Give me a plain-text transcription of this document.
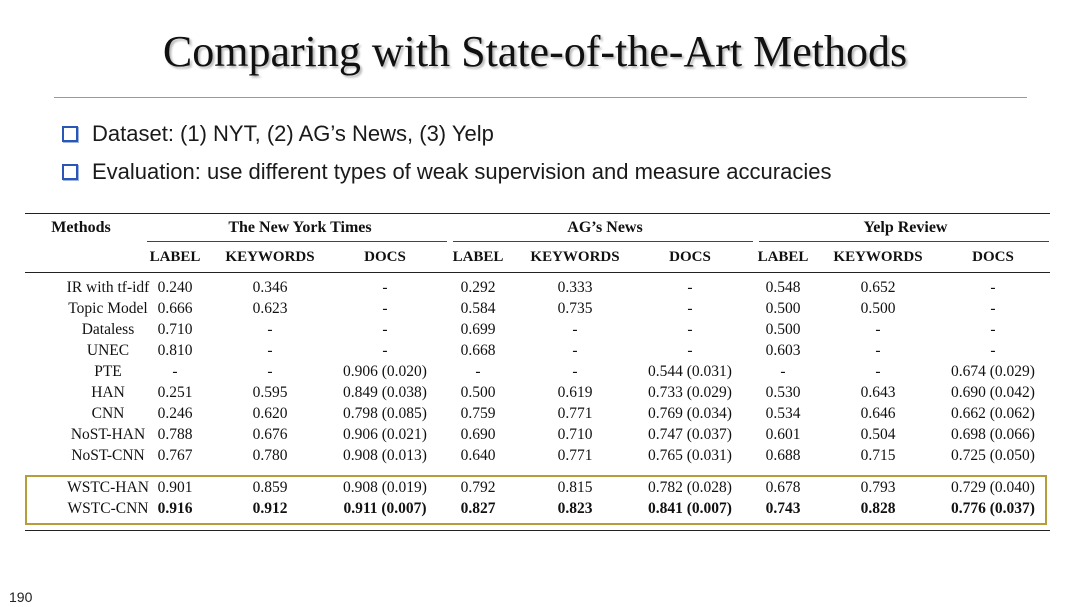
Comparing with State-of-the-Art Methods
Dataset: (1) NYT, (2) AG’s News, (3) Yelp
Evaluation: use different types of weak supervision and measure accuracies
Methods	The New York Times	AG’s News	Yelp Review
LABEL	KEYWORDS	DOCS	LABEL	KEYWORDS	DOCS	LABEL	KEYWORDS	DOCS
IR with tf-idf 0.240	0.346	-	0.292	0.333	-	0.548	0.652	-
Topic Model 0.666	0.623	-	0.584	0.735	-	0.500	0.500	-
Dataless	0.710	-	-	0.699	-	-	0.500	-	-
UNEC	0.810	-	-	0.668	-	-	0.603	-	-
PTE	-	-	0.906 (0.020)	-	-	0.544 (0.031)	-	-	0.674 (0.029)
HAN	0.251	0.595	0.849 (0.038)	0.500	0.619	0.733 (0.029)	0.530	0.643	0.690 (0.042)
CNN	0.246	0.620	0.798 (0.085)	0.759	0.771	0.769 (0.034)	0.534	0.646	0.662 (0.062)
NoST-HAN 0.788	0.676	0.906 (0.021)	0.690	0.710	0.747 (0.037)	0.601	0.504	0.698 (0.066)
NoST-CNN 0.767	0.780	0.908 (0.013)	0.640	0.771	0.765 (0.031)	0.688	0.715	0.725 (0.050)
WSTC-HAN 0.901	0.859	0.908 (0.019)	0.792	0.815	0.782 (0.028)	0.678	0.793	0.729 (0.040)
WSTC-CNN 0.916	0.912	0.911 (0.007)	0.827	0.823	0.841 (0.007)	0.743	0.828	0.776 (0.037)
190
